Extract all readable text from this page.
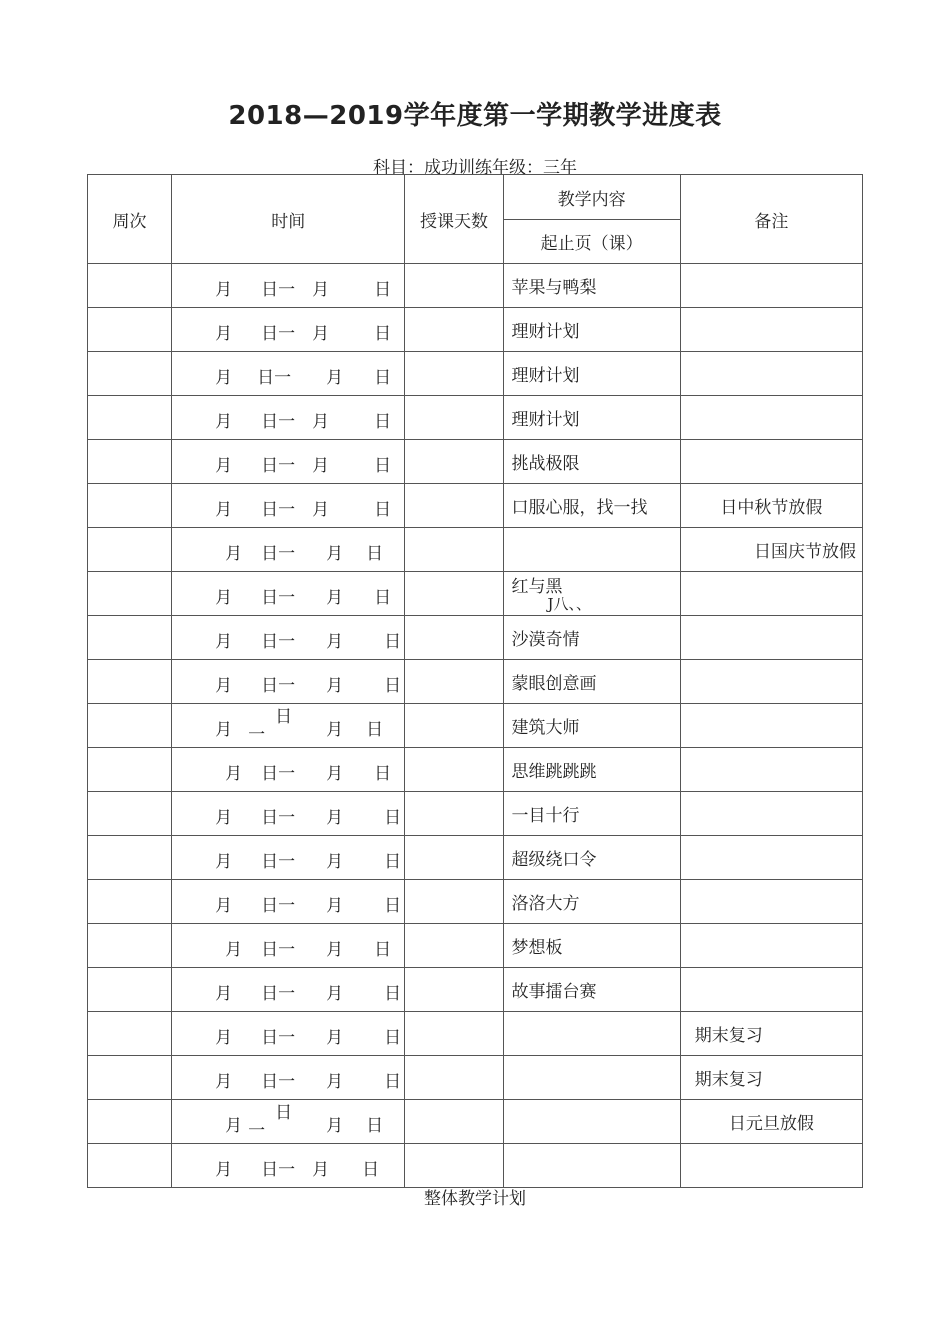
2018—2019学年度第一学期教学进度表
科目：成功训练年级：三年
周次	时间	授课天数	教学内容
起止页（课）	备注

	月 日一 月 日		苹果与鸭梨	

	月 日一 月 日		理财计划	

	月 日一 月 日		理财计划	

	月 日一 月 日		理财计划	

	月 日一 月 日		挑战极限	

	月 日一 月 日		口服心服，找一找	日中秋节放假

	月 日一 月 日			日国庆节放假

	月 日一 月 日		红与黑
J八、、	

	月 日一 月 日		沙漠奇情	

	月 日一 月 日		蒙眼创意画	

	月 一
日
月 日		建筑大师	

	月 日一 月 日		思维跳跳跳	

	月 日一 月 日		一目十行	

	月 日一 月 日		超级绕口令	

	月 日一 月 日		洛洛大方	

	月 日一 月 日		梦想板	

	月 日一 月 日		故事擂台赛	

	月 日一 月 日			期末复习

	月 日一 月 日			期末复习

	月 一
日
月 日			日元旦放假

	月 日一 月 日			

整体教学计划
